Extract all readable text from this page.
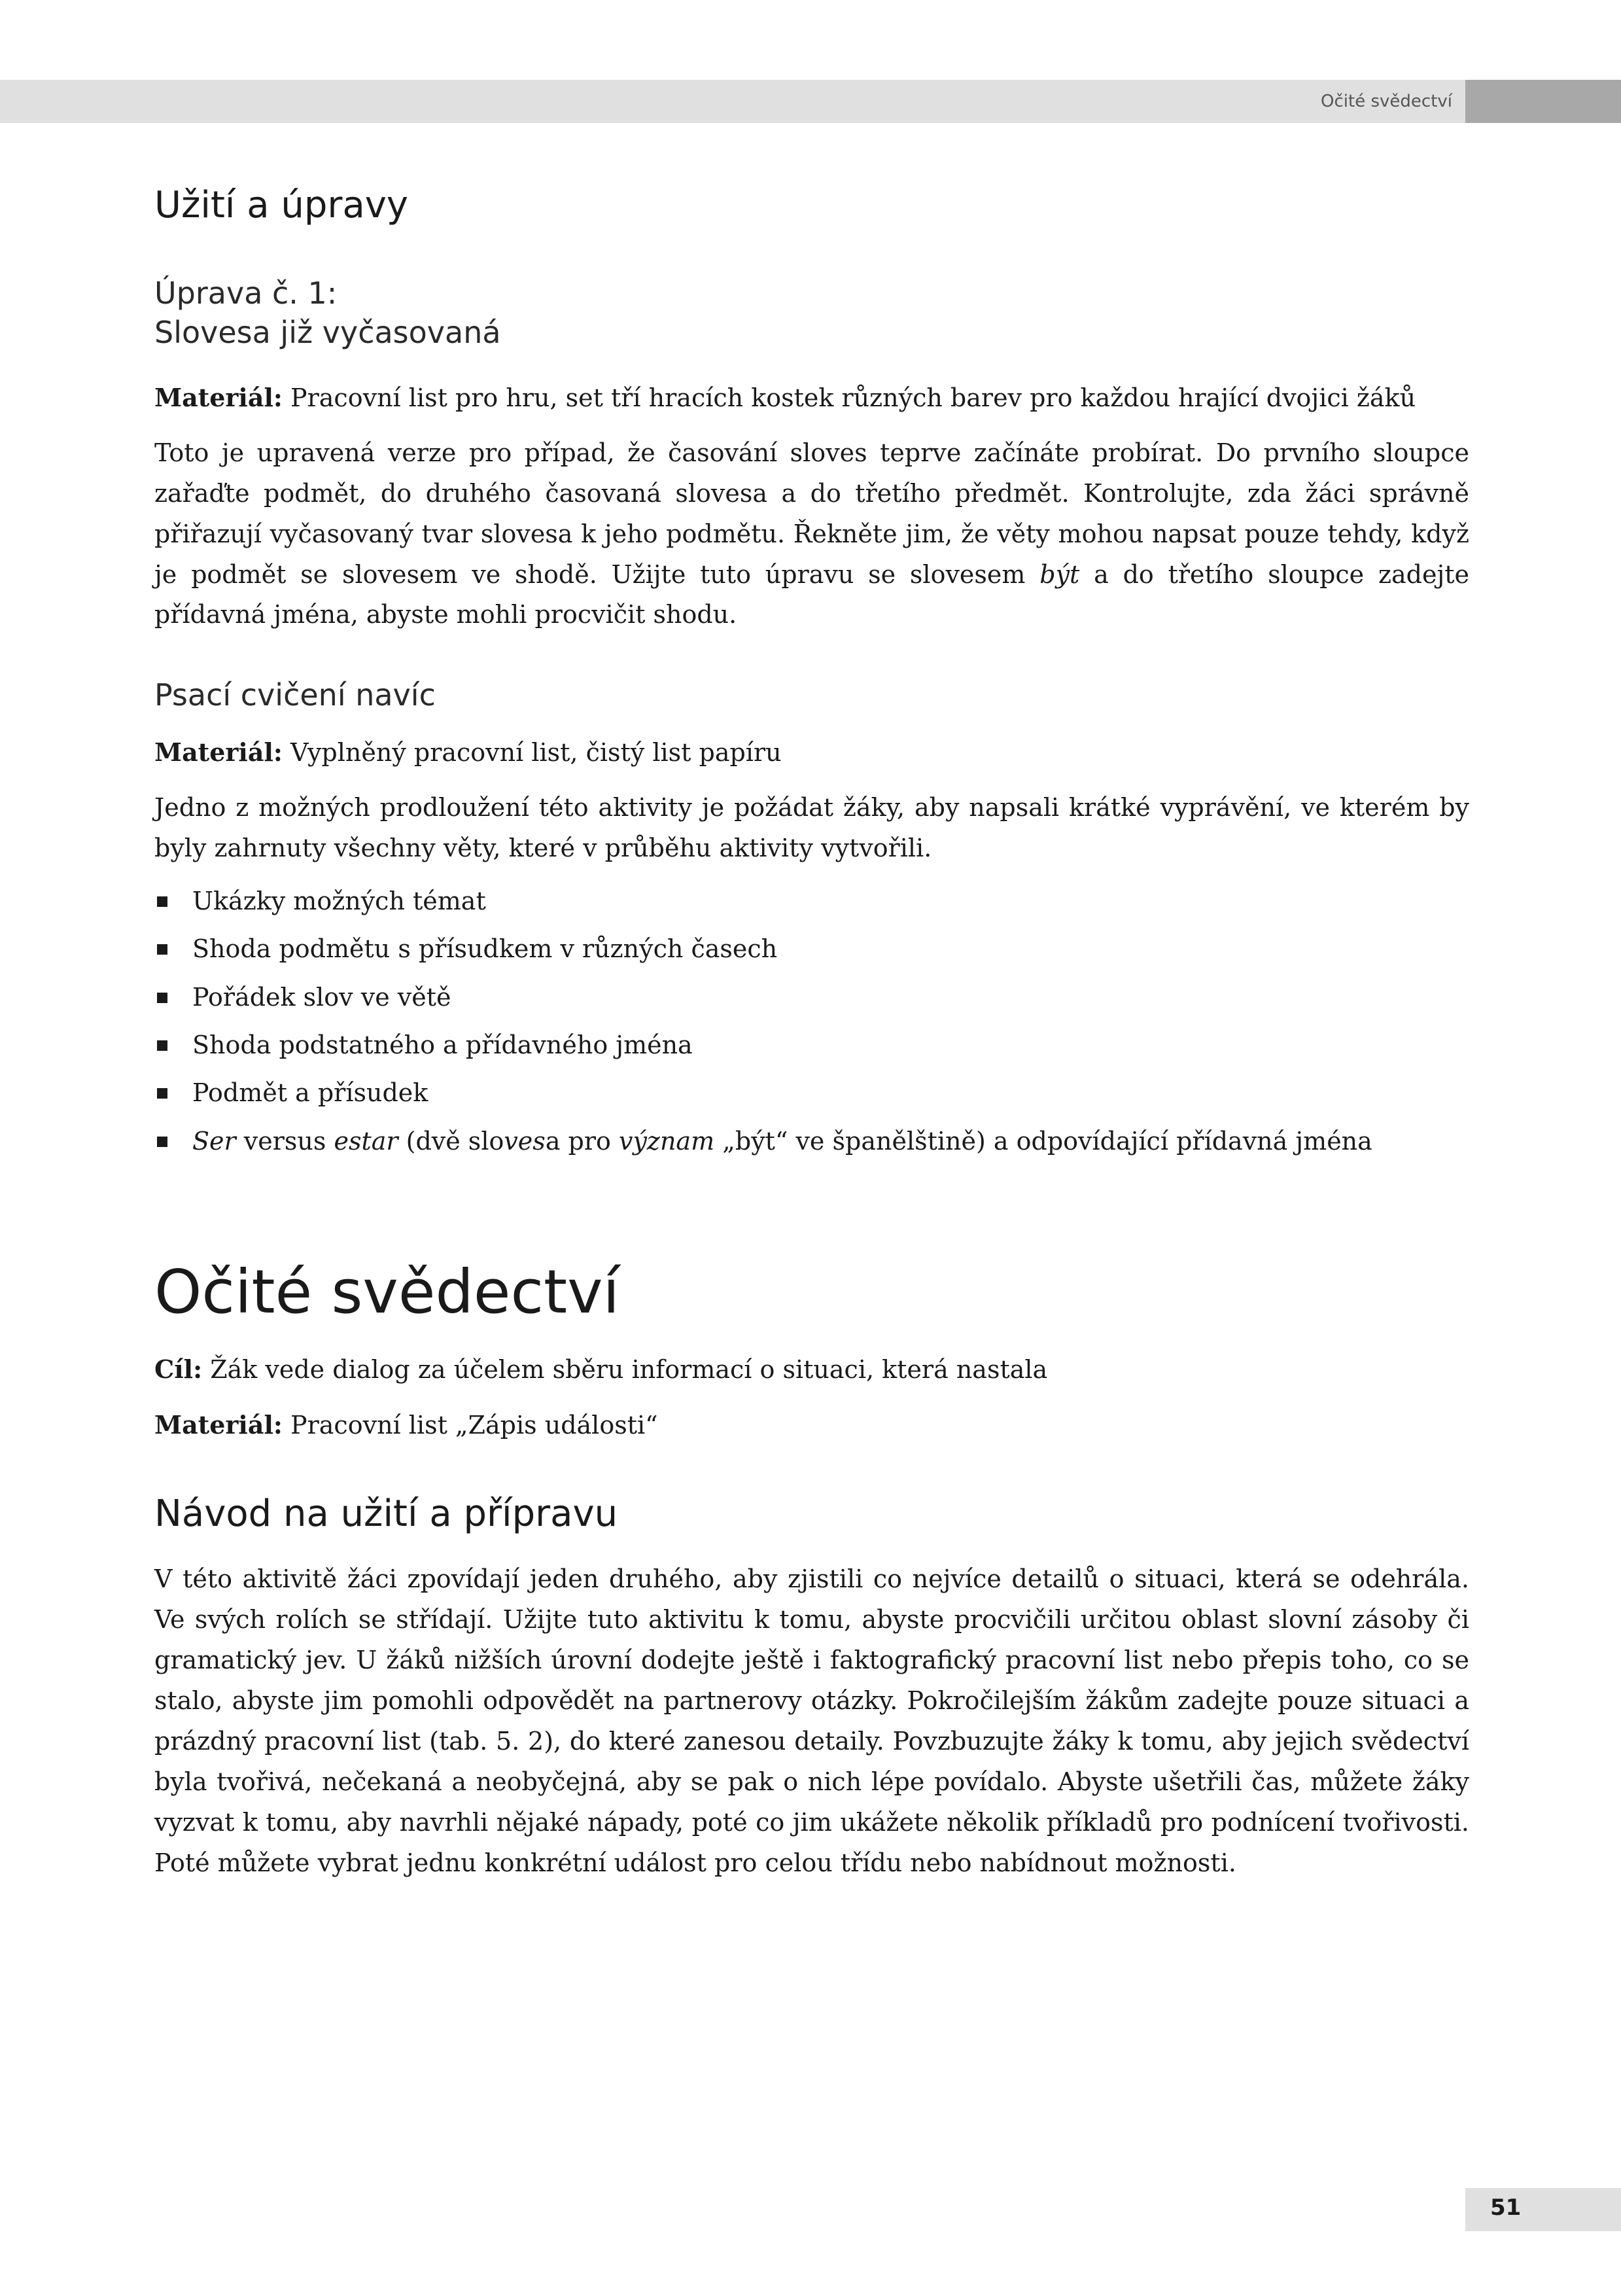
Očité svědectví
Užití a úpravy
Úprava č. 1:
Slovesa již vyčasovaná

Materiál: Pracovní list pro hru, set tří hracích kostek různých barev pro každou hrající dvojici žáků

Toto je upravená verze pro případ, že časování sloves teprve začínáte probírat. Do prvního sloupce zařaďte podmět, do druhého časovaná slovesa a do třetího předmět. Kontrolujte, zda žáci správně přiřazují vyčasovaný tvar slovesa k jeho podmětu. Řekněte jim, že věty mohou napsat pouze tehdy, když je podmět se slovesem ve shodě. Užijte tuto úpravu se slovesem být a do třetího sloupce zadejte přídavná jména, abyste mohli procvičit shodu.

Psací cvičení navíc

Materiál: Vyplněný pracovní list, čistý list papíru

Jedno z možných prodloužení této aktivity je požádat žáky, aby napsali krátké vyprávění, ve kterém by byly zahrnuty všechny věty, které v průběhu aktivity vytvořili.

Ukázky možných témat
Shoda podmětu s přísudkem v různých časech
Pořádek slov ve větě
Shoda podstatného a přídavného jména
Podmět a přísudek
Ser versus estar (dvě slovesa pro význam „být“ ve španělštině) a odpovídající přídavná jména
Očité svědectví

Cíl: Žák vede dialog za účelem sběru informací o situaci, která nastala

Materiál: Pracovní list „Zápis události“

Návod na užití a přípravu

V této aktivitě žáci zpovídají jeden druhého, aby zjistili co nejvíce detailů o situaci, která se odehrála. Ve svých rolích se střídají. Užijte tuto aktivitu k tomu, abyste procvičili určitou oblast slovní zásoby či gramatický jev. U žáků nižších úrovní dodejte ještě i faktografický pracovní list nebo přepis toho, co se stalo, abyste jim pomohli odpovědět na partnerovy otázky. Pokročilejším žákům zadejte pouze situaci a prázdný pracovní list (tab. 5. 2), do které zanesou detaily. Povzbuzujte žáky k tomu, aby jejich svědectví byla tvořivá, nečekaná a neobyčejná, aby se pak o nich lépe povídalo. Abyste ušetřili čas, můžete žáky vyzvat k tomu, aby navrhli nějaké nápady, poté co jim ukážete několik příkladů pro podnícení tvořivosti. Poté můžete vybrat jednu konkrétní událost pro celou třídu nebo nabídnout možnosti.

51
